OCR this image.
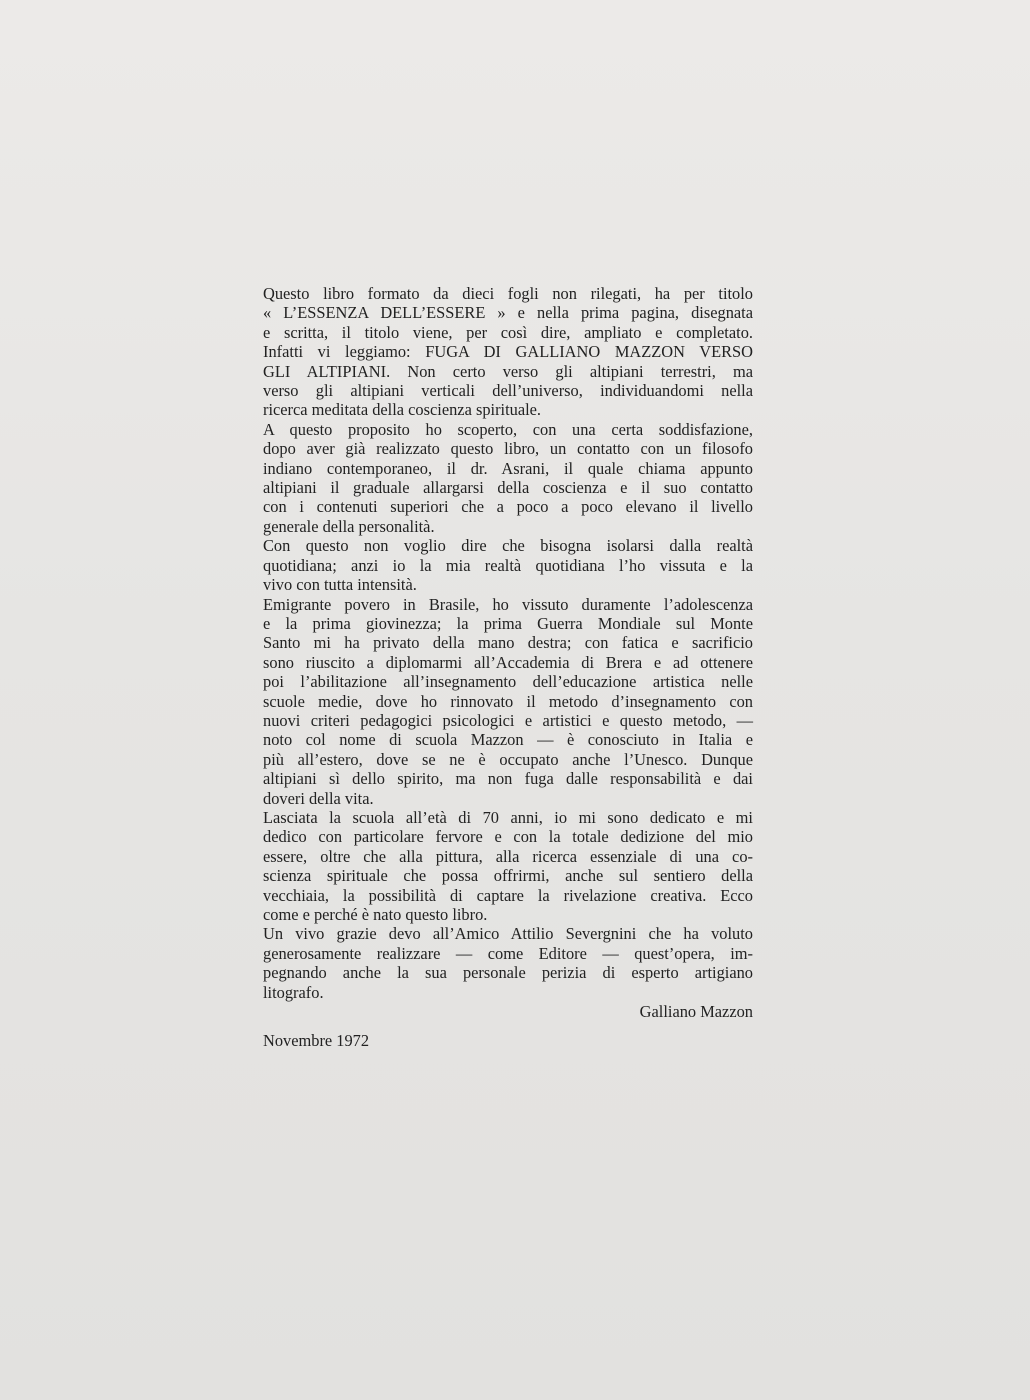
Questo libro formato da dieci fogli non rilegati, ha per titolo
« L’ESSENZA DELL’ESSERE » e nella prima pagina, disegnata
e scritta, il titolo viene, per così dire, ampliato e completato.
Infatti vi leggiamo: FUGA DI GALLIANO MAZZON VERSO
GLI ALTIPIANI. Non certo verso gli altipiani terrestri, ma
verso gli altipiani verticali dell’universo, individuandomi nella
ricerca meditata della coscienza spirituale.
A questo proposito ho scoperto, con una certa soddisfazione,
dopo aver già realizzato questo libro, un contatto con un filosofo
indiano contemporaneo, il dr. Asrani, il quale chiama appunto
altipiani il graduale allargarsi della coscienza e il suo contatto
con i contenuti superiori che a poco a poco elevano il livello
generale della personalità.
Con questo non voglio dire che bisogna isolarsi dalla realtà
quotidiana; anzi io la mia realtà quotidiana l’ho vissuta e la
vivo con tutta intensità.
Emigrante povero in Brasile, ho vissuto duramente l’adolescenza
e la prima giovinezza; la prima Guerra Mondiale sul Monte
Santo mi ha privato della mano destra; con fatica e sacrificio
sono riuscito a diplomarmi all’Accademia di Brera e ad ottenere
poi l’abilitazione all’insegnamento dell’educazione artistica nelle
scuole medie, dove ho rinnovato il metodo d’insegnamento con
nuovi criteri pedagogici psicologici e artistici e questo metodo, —
noto col nome di scuola Mazzon — è conosciuto in Italia e
più all’estero, dove se ne è occupato anche l’Unesco. Dunque
altipiani sì dello spirito, ma non fuga dalle responsabilità e dai
doveri della vita.
Lasciata la scuola all’età di 70 anni, io mi sono dedicato e mi
dedico con particolare fervore e con la totale dedizione del mio
essere, oltre che alla pittura, alla ricerca essenziale di una co-
scienza spirituale che possa offrirmi, anche sul sentiero della
vecchiaia, la possibilità di captare la rivelazione creativa. Ecco
come e perché è nato questo libro.
Un vivo grazie devo all’Amico Attilio Severgnini che ha voluto
generosamente realizzare — come Editore — quest’opera, im-
pegnando anche la sua personale perizia di esperto artigiano
litografo.
Galliano Mazzon
Novembre 1972
